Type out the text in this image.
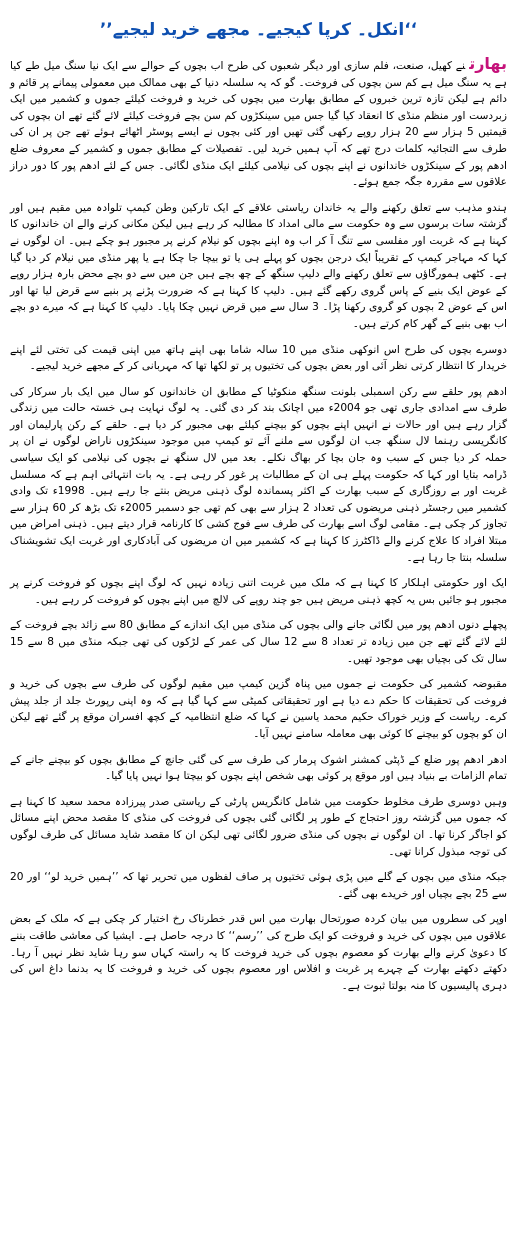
‘‘انکل۔ کرپا کیجیے۔ مجھے خرید لیجیے’’

بھارتنے کھیل، صنعت، فلم سازی اور دیگر شعبوں کی طرح اب بچوں کے حوالے سے ایک نیا سنگ میل طے کیا ہے یہ سنگ میل ہے کم سن بچوں کی فروخت۔ گو کہ یہ سلسلہ دنیا کے بھی ممالک میں معمولی پیمانے پر قائم و دائم ہے لیکن تازہ ترین خبروں کے مطابق بھارت میں بچوں کی خرید و فروخت کیلئے جموں و کشمیر میں ایک زبردست اور منظم منڈی کا انعقاد کیا گیا جس میں سینکڑوں کم سن بچے فروخت کیلئے لائے گئے تھے ان بچوں کی قیمتیں 5 ہزار سے 20 ہزار روپے رکھی گئی تھیں اور کئی بچوں نے ایسے پوسٹر اٹھائے ہوئے تھے جن پر ان کی طرف سے التجائیہ کلمات درج تھے کہ آپ ہمیں خرید لیں۔ تفصیلات کے مطابق جموں و کشمیر کے معروف ضلع ادھم پور کے سینکڑوں خاندانوں نے اپنے بچوں کی نیلامی کیلئے ایک منڈی لگائی۔ جس کے لئے ادھم پور کا دور دراز علاقوں سے مقررہ جگہ جمع ہوئے۔

ہندو مذہب سے تعلق رکھنے والے یہ خاندان ریاستی علاقے کے ایک تارکین وطن کیمپ تلوادہ میں مقیم ہیں اور گزشتہ سات برسوں سے وہ حکومت سے مالی امداد کا مطالبہ کر رہے ہیں لیکن مکانی کرنے والے ان خاندانوں کا کہنا ہے کہ غربت اور مفلسی سے تنگ آ کر اب وہ اپنے بچوں کو نیلام کرنے پر مجبور ہو چکے ہیں۔ ان لوگوں نے کہا کہ مہاجر کیمپ کے تقریباً ایک درجن بچوں کو پہلے ہی یا تو بیچا جا چکا ہے یا پھر منڈی میں نیلام کر دیا گیا ہے۔ کٹھی ہمورگاؤں سے تعلق رکھنے والے دلیپ سنگھ کے چھ بچے ہیں جن میں سے دو بچے محض بارہ ہزار روپے کے عوض ایک بنیے کے پاس گروی رکھے گئے ہیں۔ دلیپ کا کہنا ہے کہ ضرورت پڑنے پر بنیے سے قرض لیا تھا اور اس کے عوض 2 بچوں کو گروی رکھنا پڑا۔ 3 سال سے میں قرض نہیں چکا پایا۔ دلیپ کا کہنا ہے کہ میرے دو بچے اب بھی بنیے کے گھر کام کرتے ہیں۔

دوسرے بچوں کی طرح اس انوکھی منڈی میں 10 سالہ شاما بھی اپنے ہاتھ میں اپنی قیمت کی تختی لئے اپنے خریدار کا انتظار کرتی نظر آئی اور بعض بچوں کی تختیوں پر تو لکھا تھا کہ مہربانی کر کے مجھے خرید لیجیے۔

ادھم پور حلقے سے رکن اسمبلی بلونت سنگھ منکوٹیا کے مطابق ان خاندانوں کو سال میں ایک بار سرکار کی طرف سے امدادی جاری تھی جو 2004ء میں اچانک بند کر دی گئی۔ یہ لوگ نہایت ہی خستہ حالت میں زندگی گزار رہے ہیں اور حالات نے انہیں اپنے بچوں کو بیچنے کیلئے بھی مجبور کر دیا ہے۔ حلقے کے رکن پارلیمان اور کانگریسی رہنما لال سنگھ جب ان لوگوں سے ملنے آئے تو کیمپ میں موجود سینکڑوں ناراض لوگوں نے ان پر حملہ کر دیا جس کے سبب وہ جان بچا کر بھاگ نکلے۔ بعد میں لال سنگھ نے بچوں کی نیلامی کو ایک سیاسی ڈرامہ بتایا اور کہا کہ حکومت پہلے ہی ان کے مطالبات پر غور کر رہی ہے۔ یہ بات انتہائی اہم ہے کہ مسلسل غربت اور بے روزگاری کے سبب بھارت کے اکثر پسماندہ لوگ ذہنی مریض بنتے جا رہے ہیں۔ 1998ء تک وادی کشمیر میں رجسٹر ذہنی مریضوں کی تعداد 2 ہزار سے بھی کم تھی جو دسمبر 2005ء تک بڑھ کر 60 ہزار سے تجاوز کر چکی ہے۔ مقامی لوگ اسے بھارت کی طرف سے فوج کشی کا کارنامہ قرار دیتے ہیں۔ ذہنی امراض میں مبتلا افراد کا علاج کرنے والے ڈاکٹرز کا کہنا ہے کہ کشمیر میں ان مریضوں کی آبادکاری اور غربت ایک تشویشناک سلسلہ بنتا جا رہا ہے۔

ایک اور حکومتی اہلکار کا کہنا ہے کہ ملک میں غربت اتنی زیادہ نہیں کہ لوگ اپنے بچوں کو فروخت کرنے پر مجبور ہو جائیں بس یہ کچھ ذہنی مریض ہیں جو چند روپے کی لالچ میں اپنے بچوں کو فروخت کر رہے ہیں۔

پچھلے دنوں ادھم پور میں لگائی جانے والی بچوں کی منڈی میں ایک اندازے کے مطابق 80 سے زائد بچے فروخت کے لئے لائے گئے تھے جن میں زیادہ تر تعداد 8 سے 12 سال کی عمر کے لڑکوں کی تھی جبکہ منڈی میں 8 سے 15 سال تک کی بچیاں بھی موجود تھیں۔

مقبوضہ کشمیر کی حکومت نے جموں میں پناہ گزین کیمپ میں مقیم لوگوں کی طرف سے بچوں کی خرید و فروخت کی تحقیقات کا حکم دے دیا ہے اور تحقیقاتی کمیٹی سے کہا گیا ہے کہ وہ اپنی رپورٹ جلد از جلد پیش کرے۔ ریاست کے وزیر خوراک حکیم محمد یاسین نے کہا کہ ضلع انتظامیہ کے کچھ افسران موقع پر گئے تھے لیکن ان کو بچوں کو بیچنے کا کوئی بھی معاملہ سامنے نہیں آیا۔

ادھر ادھم پور ضلع کے ڈپٹی کمشنر اشوک پرمار کی طرف سے کی گئی جانچ کے مطابق بچوں کو بیچنے جانے کے تمام الزامات بے بنیاد ہیں اور موقع پر کوئی بھی شخص اپنے بچوں کو بیچتا ہوا نہیں پایا گیا۔

وہیں دوسری طرف مخلوط حکومت میں شامل کانگریس پارٹی کے ریاستی صدر پیرزادہ محمد سعید کا کہنا ہے کہ جموں میں گزشتہ روز احتجاج کے طور پر لگائی گئی بچوں کی فروخت کی منڈی کا مقصد محض اپنے مسائل کو اجاگر کرنا تھا۔ ان لوگوں نے بچوں کی منڈی ضرور لگائی تھی لیکن ان کا مقصد شاید مسائل کی طرف لوگوں کی توجہ مبذول کرانا تھی۔

جبکہ منڈی میں بچوں کے گلے میں پڑی ہوئی تختیوں پر صاف لفظوں میں تحریر تھا کہ ’’ہمیں خرید لو‘‘ اور 20 سے 25 بچے بچیاں اور خریدے بھی گئے۔

اوپر کی سطروں میں بیان کردہ صورتحال بھارت میں اس قدر خطرناک رخ اختیار کر چکی ہے کہ ملک کے بعض علاقوں میں بچوں کی خرید و فروخت کو ایک طرح کی ’’رسم‘‘ کا درجہ حاصل ہے۔ ایشیا کی معاشی طاقت بننے کا دعویٰ کرنے والے بھارت کو معصوم بچوں کی خرید فروخت کا یہ راستہ کہاں سو رہا شاید نظر نہیں آ رہا۔ دکھتے دکھتے بھارت کے چہرے پر غربت و افلاس اور معصوم بچوں کی خرید و فروخت کا یہ بدنما داغ اس کی دہری پالیسیوں کا منہ بولتا ثبوت ہے۔
